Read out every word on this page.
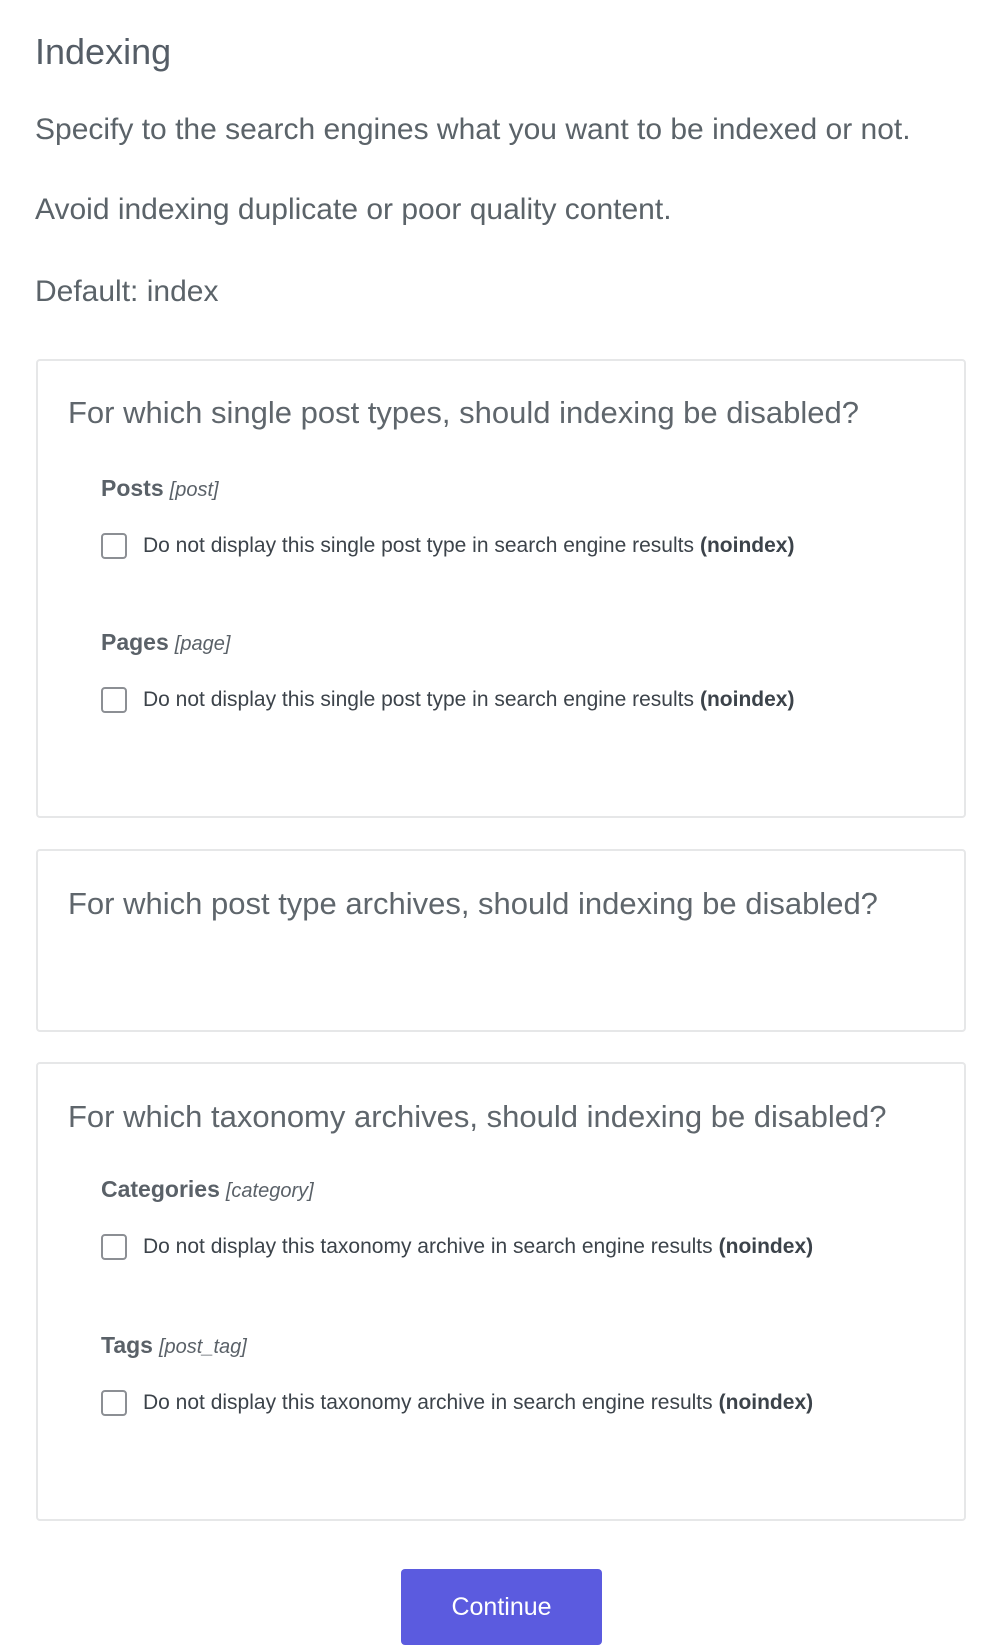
Indexing

Specify to the search engines what you want to be indexed or not.

Avoid indexing duplicate or poor quality content.

Default: index

For which single post types, should indexing be disabled?
Posts [post]
Do not display this single post type in search engine results (noindex)
Pages [page]
Do not display this single post type in search engine results (noindex)
For which post type archives, should indexing be disabled?
For which taxonomy archives, should indexing be disabled?
Categories [category]
Do not display this taxonomy archive in search engine results (noindex)
Tags [post_tag]
Do not display this taxonomy archive in search engine results (noindex)
Continue
